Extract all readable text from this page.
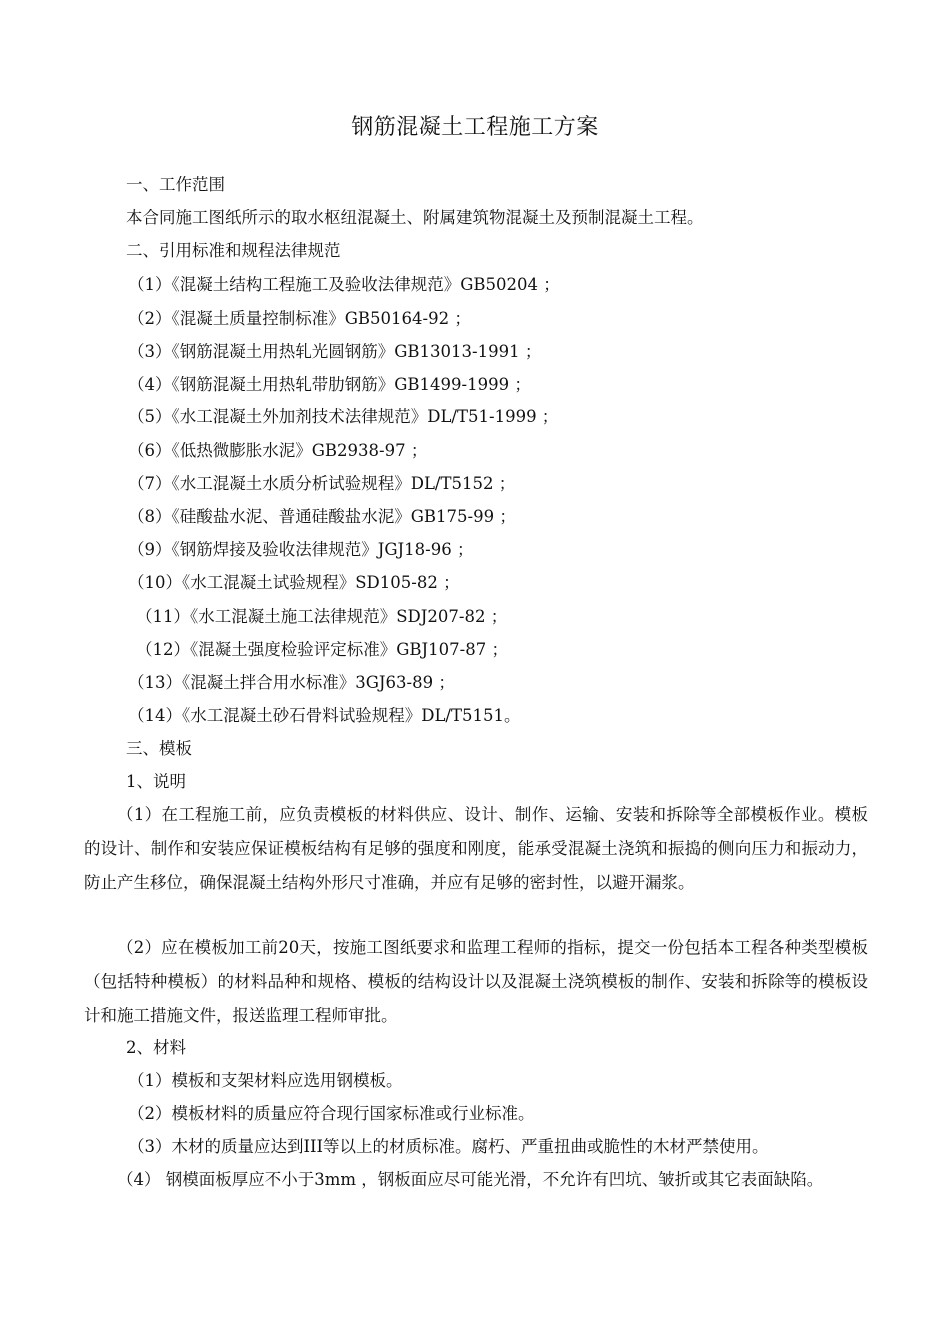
钢筋混凝土工程施工方案
一、工作范围
本合同施工图纸所示的取水枢纽混凝土、附属建筑物混凝土及预制混凝土工程。
二、引用标准和规程法律规范
（1）《混凝土结构工程施工及验收法律规范》GB50204 ；
（2）《混凝土质量控制标准》GB50164-92 ；
（3）《钢筋混凝土用热轧光圆钢筋》GB13013-1991 ；
（4）《钢筋混凝土用热轧带肋钢筋》GB1499-1999 ；
（5）《水工混凝土外加剂技术法律规范》DL/T51-1999 ；
（6）《低热微膨胀水泥》GB2938-97 ；
（7）《水工混凝土水质分析试验规程》DL/T5152 ；
（8）《硅酸盐水泥、普通硅酸盐水泥》GB175-99 ；
（9）《钢筋焊接及验收法律规范》JGJ18-96 ；
（10）《水工混凝土试验规程》SD105-82 ；
（11）《水工混凝土施工法律规范》SDJ207-82 ；
（12）《混凝土强度检验评定标准》GBJ107-87 ；
（13）《混凝土拌合用水标准》3GJ63-89 ；
（14）《水工混凝土砂石骨料试验规程》DL/T5151。
三、模板
1、说明
（1）在工程施工前，应负责模板的材料供应、设计、制作、运输、安装和拆除等全部模板作业。模板的设计、制作和安装应保证模板结构有足够的强度和刚度，能承受混凝土浇筑和振捣的侧向压力和振动力，防止产生移位，确保混凝土结构外形尺寸准确，并应有足够的密封性，以避开漏浆。
（2）应在模板加工前20天，按施工图纸要求和监理工程师的指标，提交一份包括本工程各种类型模板（包括特种模板）的材料品种和规格、模板的结构设计以及混凝土浇筑模板的制作、安装和拆除等的模板设计和施工措施文件，报送监理工程师审批。
2、材料
（1）模板和支架材料应选用钢模板。
（2）模板材料的质量应符合现行国家标准或行业标准。
（3）木材的质量应达到III等以上的材质标准。腐朽、严重扭曲或脆性的木材严禁使用。
（4） 钢模面板厚应不小于3mm ，钢板面应尽可能光滑，不允许有凹坑、皱折或其它表面缺陷。
